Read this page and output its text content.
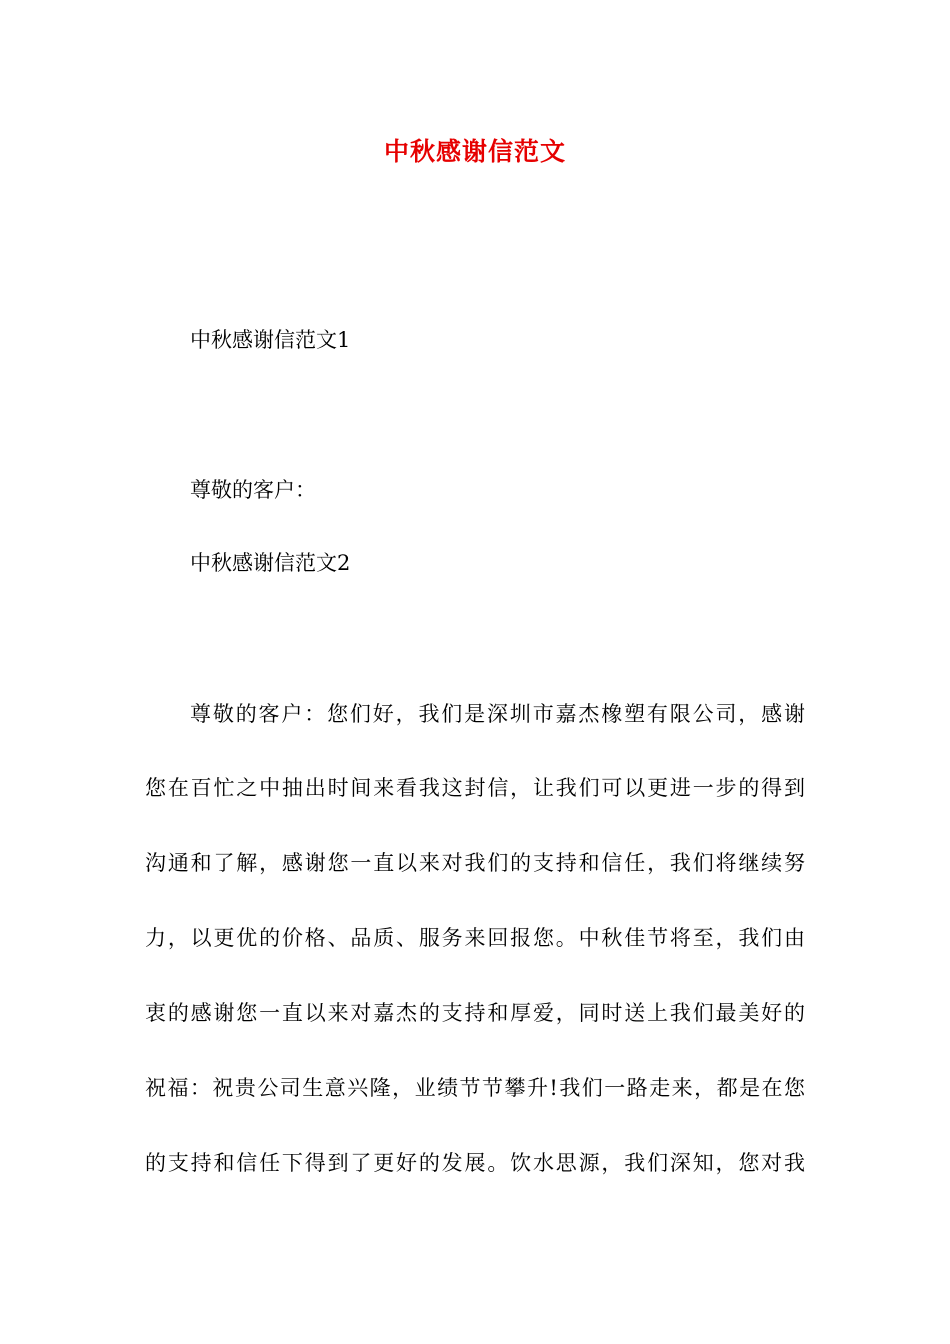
中秋感谢信范文
中秋感谢信范文1
尊敬的客户：
中秋感谢信范文2
尊敬的客户：您们好，我们是深圳市嘉杰橡塑有限公司，感谢
您在百忙之中抽出时间来看我这封信，让我们可以更进一步的得到
沟通和了解，感谢您一直以来对我们的支持和信任，我们将继续努
力，以更优的价格、品质、服务来回报您。中秋佳节将至，我们由
衷的感谢您一直以来对嘉杰的支持和厚爱，同时送上我们最美好的
祝福：祝贵公司生意兴隆，业绩节节攀升!我们一路走来，都是在您
的支持和信任下得到了更好的发展。饮水思源，我们深知，您对我
